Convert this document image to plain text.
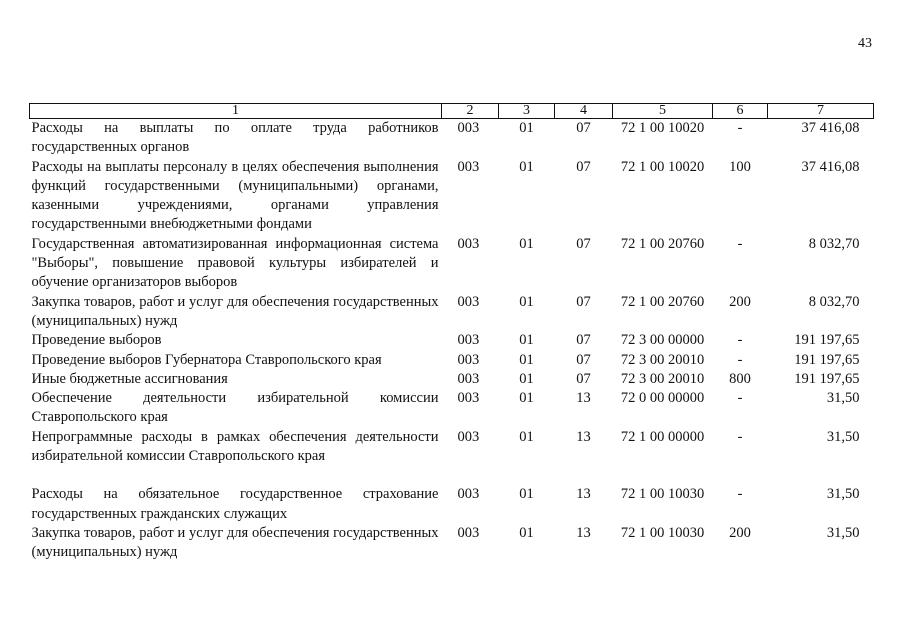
43
1	2	3	4	5	6	7
Расходы на выплаты по оплате труда работников государственных органов	003	01	07	72 1 00 10020	-	37 416,08
Расходы на выплаты персоналу в целях обеспечения выполнения функций государственными (муниципальными) органами, казенными учреждениями, органами управления государственными внебюджетными фондами	003	01	07	72 1 00 10020	100	37 416,08
Государственная автоматизированная информационная система "Выборы", повышение правовой культуры избирателей и обучение организаторов выборов	003	01	07	72 1 00 20760	-	8 032,70
Закупка товаров, работ и услуг для обеспечения государственных (муниципальных) нужд	003	01	07	72 1 00 20760	200	8 032,70
Проведение выборов	003	01	07	72 3 00 00000	-	191 197,65
Проведение выборов Губернатора Ставропольского края	003	01	07	72 3 00 20010	-	191 197,65
Иные бюджетные ассигнования	003	01	07	72 3 00 20010	800	191 197,65
Обеспечение деятельности избирательной комиссии Ставропольского края	003	01	13	72 0 00 00000	-	31,50
Непрограммные расходы в рамках обеспечения деятельности избирательной комиссии Ставропольского края	003	01	13	72 1 00 00000	-	31,50

Расходы на обязательное государственное страхование государственных гражданских служащих	003	01	13	72 1 00 10030	-	31,50
Закупка товаров, работ и услуг для обеспечения государственных (муниципальных) нужд	003	01	13	72 1 00 10030	200	31,50
